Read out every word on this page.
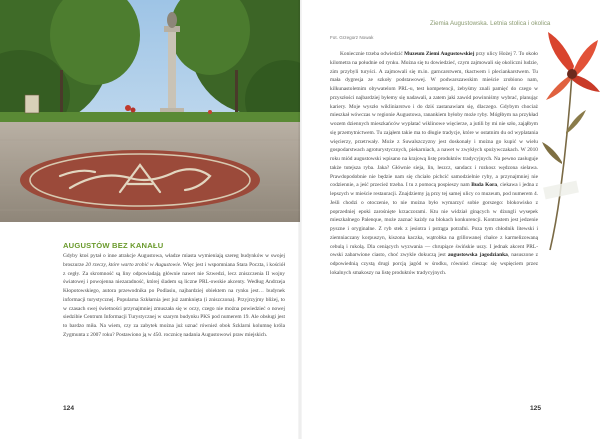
AUGUSTÓW BEZ KANAŁU

Gdyby ktoś pytał o inne atrakcje Augustowa, władze miasta wymieniają szereg budynków w swojej broszurze 20 rzeczy, które warto zrobić w Augustowie. Więc jest i wspomniana Stara Poczta, i kościół z cegły. Za skromność są liny odpowiadają głównie nawet nie Szwedzi, lecz zniszczenia II wojny światowej i powojenna niezaradność, której śladem są liczne PRL-owskie akcenty. Według Andrzeja Kłopotowskiego, autora przewodnika po Podlasiu, najbardziej obiektem na rynku jest… budynek informacji turystycznej. Popularna Szkłarnia jest już zamknięta (i zniszczona). Przyjrzyjmy bliżej, to w czasach swej świetności przynajmniej zmuszała się w oczy, czego nie można powiedzieć o nowej siedzibie Centrum Informacji Turystycznej w szarym budynku PKS pod numerem 19. Ale obsługi jest to bardzo miła. Na wiem, czy za zabytek można już uznać również obok Szklarni kolumnę króla Zygmunta z 2007 roku? Postawiono ją w 450. rocznicę nadania Augustowowi praw miejskich.

124
Ziemia Augustowska. Letnia stolica i okolica
Fot. Grzegorz Nowak

Koniecznie trzeba odwiedzić Muzeum Ziemi Augustowskiej przy ulicy Hożej 7. To około kilometra na południe od rynku. Można się tu dowiedzieć, czym zajmowali się okoliczni ludzie, zim przybyli turyści. A zajmowali się m.in. garncarstwem, tkactwem i pleciankarstwem. Tu mała dygresja ze szkoły podstawowej. W podwarszawskim mieście zrobiono nam, kilkunastoletnim obywatelom PRL-u, test kompetencji, żebyśmy znali pamięć do czego w przyszłości najbardziej byłemy się nadawali, a zatem jaki zawód powinniśmy wybrać, planując kariery. Moje wyszło wikliniarstwo i do dziś zastanawiam się, dlaczego. Gdybym chociaż mieszkał wówczas w regionie Augustowa, ranankiem byłoby może ryby. Mógłbym na przykład wozem dziennych mieszkańców wyplatać wiklinowe więcierze, a jutili by mi nie szło, zająłbym się przemytnictwem. Tu zająłem takie ma to długie tradycje, które w ostatnim du od wyplatania więcierzy, przetrwały. Może z Suwalszczyzny jest doskonały i można go kupić w wielu gospodarstwach agroturystycznych, piekarniach, a nawet w zwykłych spożywczakach. W 2010 roku miód augustowski wpisano na krajową listę produktów tradycyjnych. Na pewno zasługuje także tutejsza ryba. Jaka? Głównie sieja, lin, leszcz, sandacz i rozkosz wędzona sielawa. Prawdopodobnie nie będzie nam się chciało pichcić samodzielnie ryby, a przynajmniej nie codziennie, a jeść przecież trzeba. I tu z pomocą pospieszy nam Buda Kora, ciekawa i jedna z lepszych w mieście restauracji. Znajdziemy ją przy tej samej ulicy co muzeum, pod numerem 4. Jeśli chodzi o otoczenie, to nie można było wymarzyć sobie gorszego: blokowisko z poprzedniej epoki zarośnięte krzaczorami. Ktu nie widział ginących w dżungli wysepek mieszkalnego Palenque, może zaznać każdy na blokach konkurencji. Kontrastem jest jedzenie pyszne i oryginalne. Z ryb stek z jesiotra i pstrąga potrafni. Poza tym chłodnik litewski i ziemniaczany korpuszyn, kiszona kaczka, wątrobka na grillowanej chałce z karmelizowaną cebulą i rukolą. Dla ceniących wyzwania — chrupiące świńskie uszy. I jednak akcent PRL-owski zabarwione ciasto, choć zwykle dokuczą jest augustowska jagodzianka, nasuszone z odpowiednią czystą drugi porcją jagód w środku, również ciesząc się wspięciem przez lokalnych smakoszy na listę produktów tradycyjnych.

125
